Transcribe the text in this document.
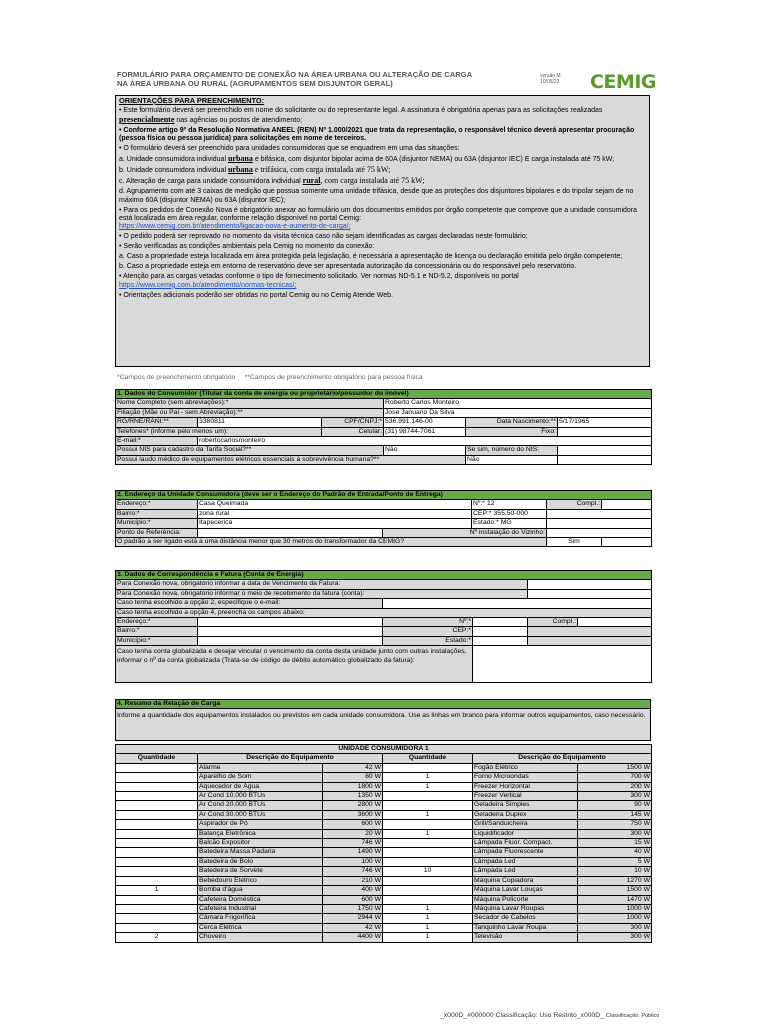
FORMULÁRIO PARA ORÇAMENTO DE CONEXÃO NA ÁREA URBANA OU ALTERAÇÃO DE CARGA
NA ÁREA URBANA OU RURAL (AGRUPAMENTOS SEM DISJUNTOR GERAL)
versão M
10/05/23 CEMIG

ORIENTAÇÕES PARA PREENCHIMENTO:

• Este formulário deverá ser preenchido em nome do solicitante ou do representante legal. A assinatura é obrigatória apenas para as solicitações realizadas presencialmente nas agências ou postos de atendimento;

• Conforme artigo 9º da Resolução Normativa ANEEL (REN) Nº 1.000/2021 que trata da representação, o responsável técnico deverá apresentar procuração (pessoa física ou pessoa jurídica) para solicitações em nome de terceiros.

• O formulário deverá ser preenchido para unidades consumidoras que se enquadrem em uma das situações:

a. Unidade consumidora individual urbana e bifásica, com disjuntor bipolar acima de 60A (disjuntor NEMA) ou 63A (disjuntor IEC) E carga instalada até 75 kW;

b. Unidade consumidora individual urbana e trifásica, com carga instalada até 75 kW;

c. Alteração de carga para unidade consumidora individual rural, com carga instalada até 75 kW;

d. Agrupamento com até 3 caixas de medição que possua somente uma unidade trifásica, desde que as proteções dos disjuntores bipolares e do tripolar sejam de no máximo 60A (disjuntor NEMA) ou 63A (disjuntor IEC);

• Para os pedidos de Conexão Nova é obrigatório anexar ao formulário um dos documentos emitidos por órgão competente que comprove que a unidade consumidora está localizada em área regular, conforme relação disponível no portal Cemig:
https://www.cemig.com.br/atendimento/ligacao-nova-e-aumento-de-carga/;

• O pedido poderá ser reprovado no momento da visita técnica caso não sejam identificadas as cargas declaradas neste formulário;

• Serão verificadas as condições ambientais pela Cemig no momento da conexão:

a. Caso a propriedade esteja localizada em área protegida pela legislação, é necessária a apresentação de licença ou declaração emitida pelo órgão competente;

b. Caso a propriedade esteja em entorno de reservatório deve ser apresentada autorização da concessionária ou do responsável pelo reservatório.

• Atenção para as cargas vetadas conforme o tipo de fornecimento solicitado. Ver normas ND-5.1 e ND-5.2, disponíveis no portal
https://www.cemig.com.br/atendimento/normas-tecnicas/;

• Orientações adicionais poderão ser obtidas no portal Cemig ou no Cemig Atende Web.

*Campos de preenchimento obrigatório     **Campos de preenchimento obrigatório para pessoa física
1. Dados do Consumidor (Titular da conta de energia ou proprietário/possuidor do imóvel)					
Nome Completo (sem abreviações):*			Roberto Carlos Monteiro		
Filiação (Mãe ou Pai - sem Abreviação):**			Jose Januario Da Silva		
RG/RNE/RANI:**	3380811	CPF/CNPJ:*	536.991.146-00	Data Nascimento:**	5/17/1965
Telefones* (informe pelo menos um):		Celular:	(31) 98744-7061	Fixo:	
E-mail:*	robertocarlosmonteiro				
Possui NIS para cadastro da Tarifa Social?**			Não	Se sim, número do NIS:	
Possui laudo médico de equipamentos elétricos essenciais à sobrevivência humana?**				Não	
2. Endereço da Unidade Consumidora (deve ser o Endereço do Padrão de Entrada/Ponto de Entrega)					
Endereço:*	Casa Queimada		Nº:* 12	Compl.:	
Bairro:*	zona rural		CEP:* 355.50-000		
Município:*	Itapecerica		Estado:* MG		
Ponto de Referência:		Nº instalação do Vizinho:			
O padrão a ser ligado está a uma distância menor que 30 metros do transformador da CEMIG?				Sim	
3. Dados de Correspondência e Fatura (Conta de Energia)					
Para Conexão nova, obrigatório informar a data de Vencimento da Fatura:					
Para Conexão nova, obrigatório informar o meio de recebimento da fatura (conta):					
Caso tenha escolhido a opção 2, especifique o e-mail:					
Caso tenha escolhido a opção 4, preencha os campos abaixo:					
Endereço:*		Nº:*		Compl.:	
Bairro:*		CEP:*			
Município:*		Estado:*			
Caso tenha conta globalizada e desejar vincular o vencimento da conta desta unidade junto com outras instalações, informar o nº da conta globalizada (Trata-se de código de débito automático globalizado da fatura):					
4. Resumo da Relação de Carga
Informe a quantidade dos equipamentos instalados ou previstos em cada unidade consumidora. Use as linhas em branco para informar outros equipamentos, caso necessário.
UNIDADE CONSUMIDORA 1					
Quantidade	Descrição do Equipamento		Quantidade	Descrição do Equipamento	
	Alarme	42 W		Fogão Elétrico	1500 W
	Aparelho de Som	80 W	1	Forno Microondas	700 W
	Aquecedor de Água	1800 W	1	Freezer Horizontal	200 W
	Ar Cond 10.000 BTUs	1350 W		Freezer Vertical	300 W
	Ar Cond 20.000 BTUs	2800 W		Geladeira Simples	90 W
	Ar Cond 30.000 BTUs	3600 W	1	Geladeira Duplex	145 W
	Aspirador de Pó	600 W		Grill/Sanduicheira	750 W
	Balança Eletrônica	20 W	1	Liquidificador	300 W
	Balcão Expositor	746 W		Lâmpada Fluor. Compact.	15 W
	Batedeira Massa Padaria	1490 W		Lâmpada Fluorescente	40 W
	Batedeira de Bolo	100 W		Lâmpada Led	5 W
	Batedeira de Sorvete	746 W	10	Lâmpada Led	10 W
	Bebedouro Elétrico	210 W		Máquina Copiadora	1270 W
1	Bomba d'água	400 W		Máquina Lavar Louças	1500 W
	Cafeteira Doméstica	600 W		Máquina Policorte	1470 W
	Cafeteira Industrial	1750 W	1	Máquina Lavar Roupas	1000 W
	Câmara Frigorífica	2944 W	1	Secador de Cabelos	1000 W
	Cerca Elétrica	42 W	1	Tanquinho Lavar Roupa	300 W
2	Chuveiro	4400 W	1	Televisão	300 W
_x000D_#000000 Classificação: Uso Restrito_x000D_ Classificação: Público
